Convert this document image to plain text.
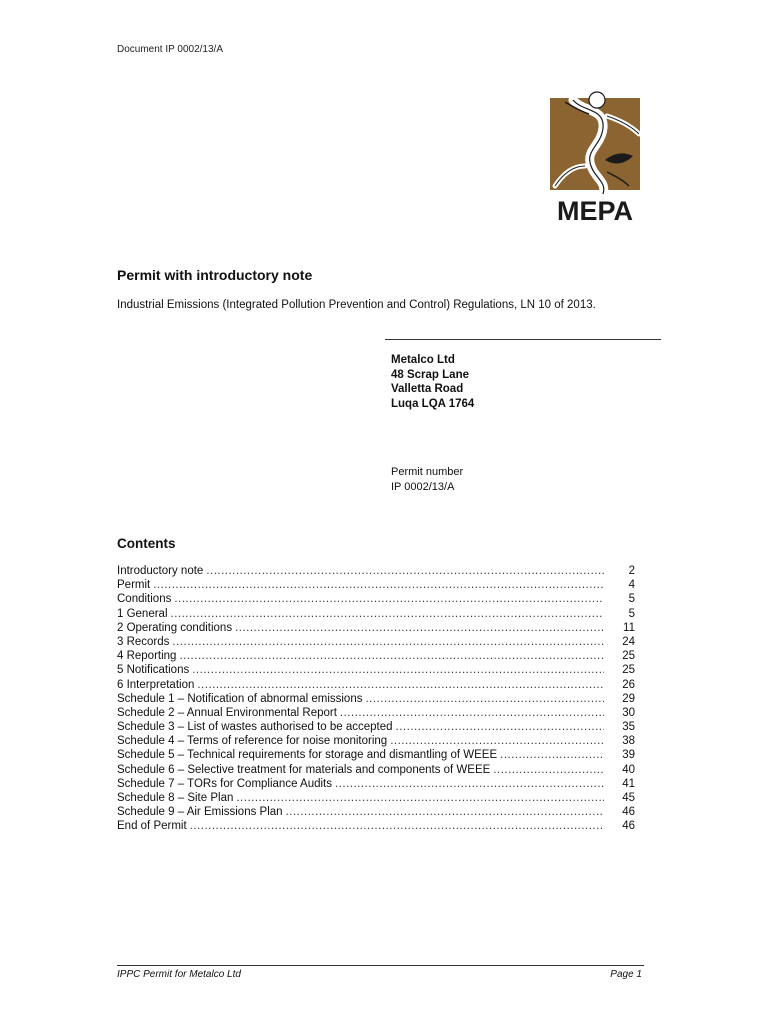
Document IP 0002/13/A
MEPA
Permit with introductory note
Industrial Emissions (Integrated Pollution Prevention and Control) Regulations, LN 10 of 2013.
Metalco Ltd
48 Scrap Lane
Valletta Road
Luqa LQA 1764
Permit number
IP 0002/13/A
Contents
Introductory note .....	2
Permit .....	4
Conditions .....	5
1 General .....	5
2 Operating conditions .....	11
3 Records .....	24
4 Reporting .....	25
5 Notifications .....	25
6 Interpretation .....	26
Schedule 1 – Notification of abnormal emissions .....	29
Schedule 2 – Annual Environmental Report .....	30
Schedule 3 – List of wastes authorised to be accepted .....	35
Schedule 4 – Terms of reference for noise monitoring .....	38
Schedule 5 – Technical requirements for storage and dismantling of WEEE .....	39
Schedule 6 – Selective treatment for materials and components of WEEE .....	40
Schedule 7 – TORs for Compliance Audits .....	41
Schedule 8 – Site Plan .....	45
Schedule 9 – Air Emissions Plan .....	46
End of Permit .....	46
IPPC Permit for Metalco Ltd	Page 1
